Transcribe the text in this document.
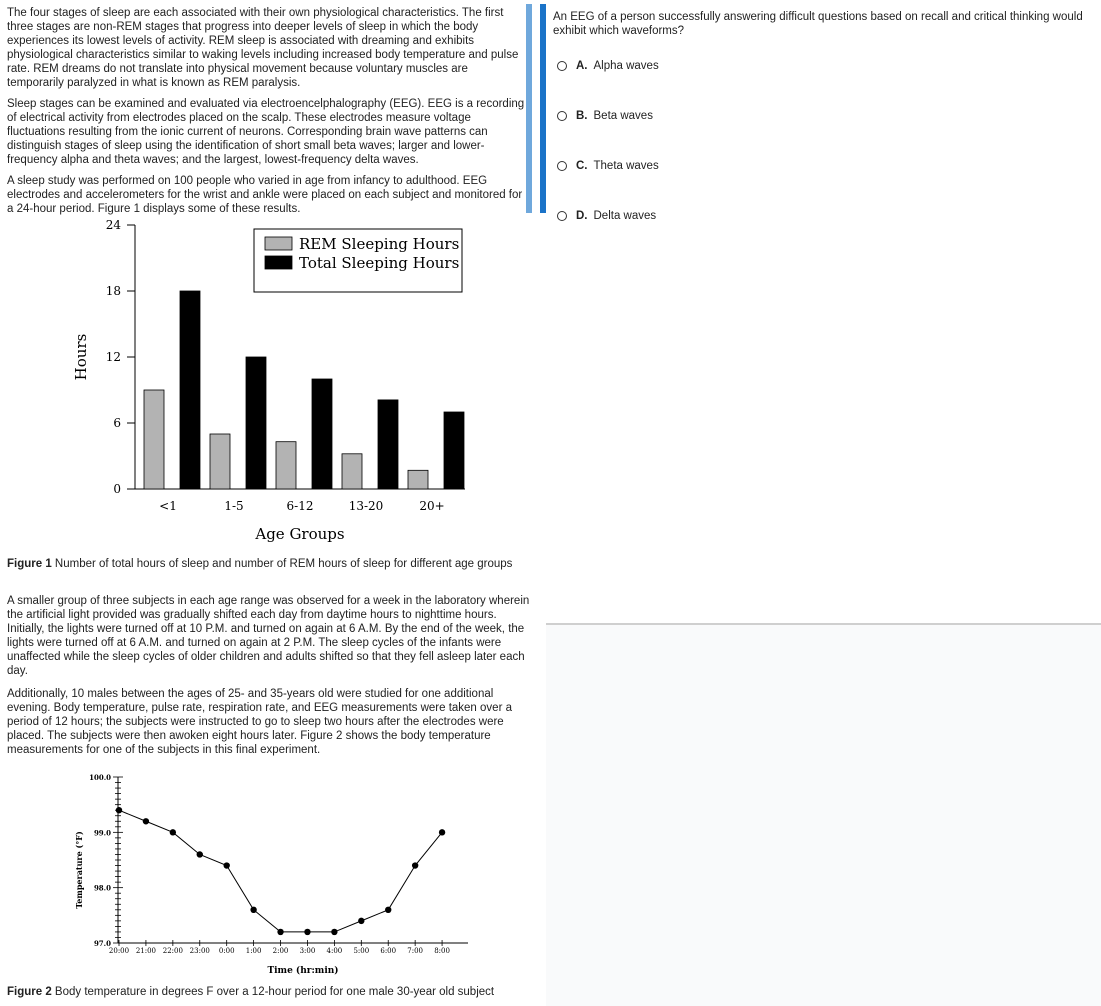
The four stages of sleep are each associated with their own physiological characteristics. The first three stages are non-REM stages that progress into deeper levels of sleep in which the body experiences its lowest levels of activity. REM sleep is associated with dreaming and exhibits physiological characteristics similar to waking levels including increased body temperature and pulse rate. REM dreams do not translate into physical movement because voluntary muscles are temporarily paralyzed in what is known as REM paralysis.

Sleep stages can be examined and evaluated via electroencelphalography (EEG). EEG is a recording of electrical activity from electrodes placed on the scalp. These electrodes measure voltage fluctuations resulting from the ionic current of neurons. Corresponding brain wave patterns can distinguish stages of sleep using the identification of short small beta waves; larger and lower-frequency alpha and theta waves; and the largest, lowest-frequency delta waves.

A sleep study was performed on 100 people who varied in age from infancy to adulthood. EEG electrodes and accelerometers for the wrist and ankle were placed on each subject and monitored for a 24-hour period. Figure 1 displays some of these results.

0
6
12
18
24
<1	1-5	6-12	13-20	20+
Age Groups
Hours
REM Sleeping Hours
Total Sleeping Hours

Figure 1 Number of total hours of sleep and number of REM hours of sleep for different age groups

A smaller group of three subjects in each age range was observed for a week in the laboratory wherein the artificial light provided was gradually shifted each day from daytime hours to nighttime hours. Initially, the lights were turned off at 10 P.M. and turned on again at 6 A.M. By the end of the week, the lights were turned off at 6 A.M. and turned on again at 2 P.M. The sleep cycles of the infants were unaffected while the sleep cycles of older children and adults shifted so that they fell asleep later each day.

Additionally, 10 males between the ages of 25- and 35-years old were studied for one additional evening. Body temperature, pulse rate, respiration rate, and EEG measurements were taken over a period of 12 hours; the subjects were instructed to go to sleep two hours after the electrodes were placed. The subjects were then awoken eight hours later. Figure 2 shows the body temperature measurements for one of the subjects in this final experiment.

97.0
98.0
99.0
100.0
20:00 21:00 22:00 23:00 0:00 1:00 2:00 3:00 4:00 5:00 6:00 7:00 8:00
Time (hr:min)
Temperature (°F)

Figure 2 Body temperature in degrees F over a 12-hour period for one male 30-year old subject

An EEG of a person successfully answering difficult questions based on recall and critical thinking would exhibit which waveforms?

A. Alpha waves
B. Beta waves
C. Theta waves
D. Delta waves
